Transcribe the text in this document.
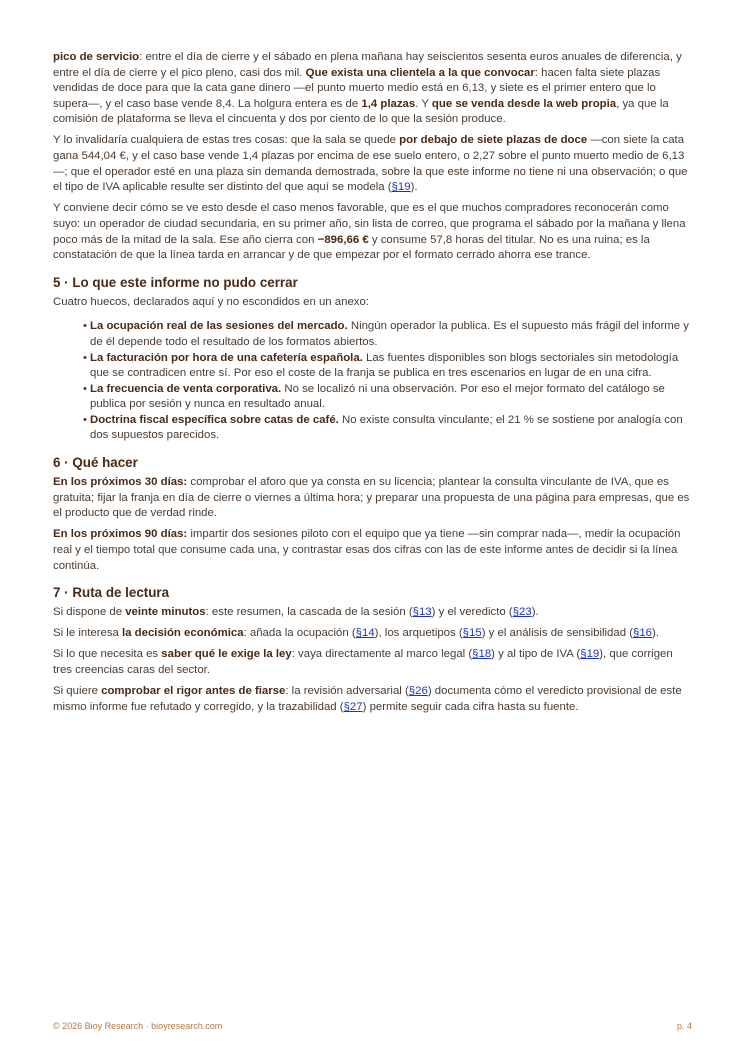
pico de servicio: entre el día de cierre y el sábado en plena mañana hay seiscientos sesenta euros anuales de diferencia, y entre el día de cierre y el pico pleno, casi dos mil. Que exista una clientela a la que convocar: hacen falta siete plazas vendidas de doce para que la cata gane dinero —el punto muerto medio está en 6,13, y siete es el primer entero que lo supera—, y el caso base vende 8,4. La holgura entera es de 1,4 plazas. Y que se venda desde la web propia, ya que la comisión de plataforma se lleva el cincuenta y dos por ciento de lo que la sesión produce.

Y lo invalidaría cualquiera de estas tres cosas: que la sala se quede por debajo de siete plazas de doce —con siete la cata gana 544,04 €, y el caso base vende 1,4 plazas por encima de ese suelo entero, o 2,27 sobre el punto muerto medio de 6,13—; que el operador esté en una plaza sin demanda demostrada, sobre la que este informe no tiene ni una observación; o que el tipo de IVA aplicable resulte ser distinto del que aquí se modela (§19).

Y conviene decir cómo se ve esto desde el caso menos favorable, que es el que muchos compradores reconocerán como suyo: un operador de ciudad secundaria, en su primer año, sin lista de correo, que programa el sábado por la mañana y llena poco más de la mitad de la sala. Ese año cierra con −896,66 € y consume 57,8 horas del titular. No es una ruina; es la constatación de que la línea tarda en arrancar y de que empezar por el formato cerrado ahorra ese trance.

5 · Lo que este informe no pudo cerrar

Cuatro huecos, declarados aquí y no escondidos en un anexo:

• La ocupación real de las sesiones del mercado. Ningún operador la publica. Es el supuesto más frágil del informe y de él depende todo el resultado de los formatos abiertos.
• La facturación por hora de una cafetería española. Las fuentes disponibles son blogs sectoriales sin metodología que se contradicen entre sí. Por eso el coste de la franja se publica en tres escenarios en lugar de en una cifra.
• La frecuencia de venta corporativa. No se localizó ni una observación. Por eso el mejor formato del catálogo se publica por sesión y nunca en resultado anual.
• Doctrina fiscal específica sobre catas de café. No existe consulta vinculante; el 21 % se sostiene por analogía con dos supuestos parecidos.
6 · Qué hacer

En los próximos 30 días: comprobar el aforo que ya consta en su licencia; plantear la consulta vinculante de IVA, que es gratuita; fijar la franja en día de cierre o viernes a última hora; y preparar una propuesta de una página para empresas, que es el producto que de verdad rinde.

En los próximos 90 días: impartir dos sesiones piloto con el equipo que ya tiene —sin comprar nada—, medir la ocupación real y el tiempo total que consume cada una, y contrastar esas dos cifras con las de este informe antes de decidir si la línea continúa.

7 · Ruta de lectura

Si dispone de veinte minutos: este resumen, la cascada de la sesión (§13) y el veredicto (§23).

Si le interesa la decisión económica: añada la ocupación (§14), los arquetipos (§15) y el análisis de sensibilidad (§16).

Si lo que necesita es saber qué le exige la ley: vaya directamente al marco legal (§18) y al tipo de IVA (§19), que corrigen tres creencias caras del sector.

Si quiere comprobar el rigor antes de fiarse: la revisión adversarial (§26) documenta cómo el veredicto provisional de este mismo informe fue refutado y corregido, y la trazabilidad (§27) permite seguir cada cifra hasta su fuente.

© 2026 Bioy Research · bioyresearch.com	p. 4
